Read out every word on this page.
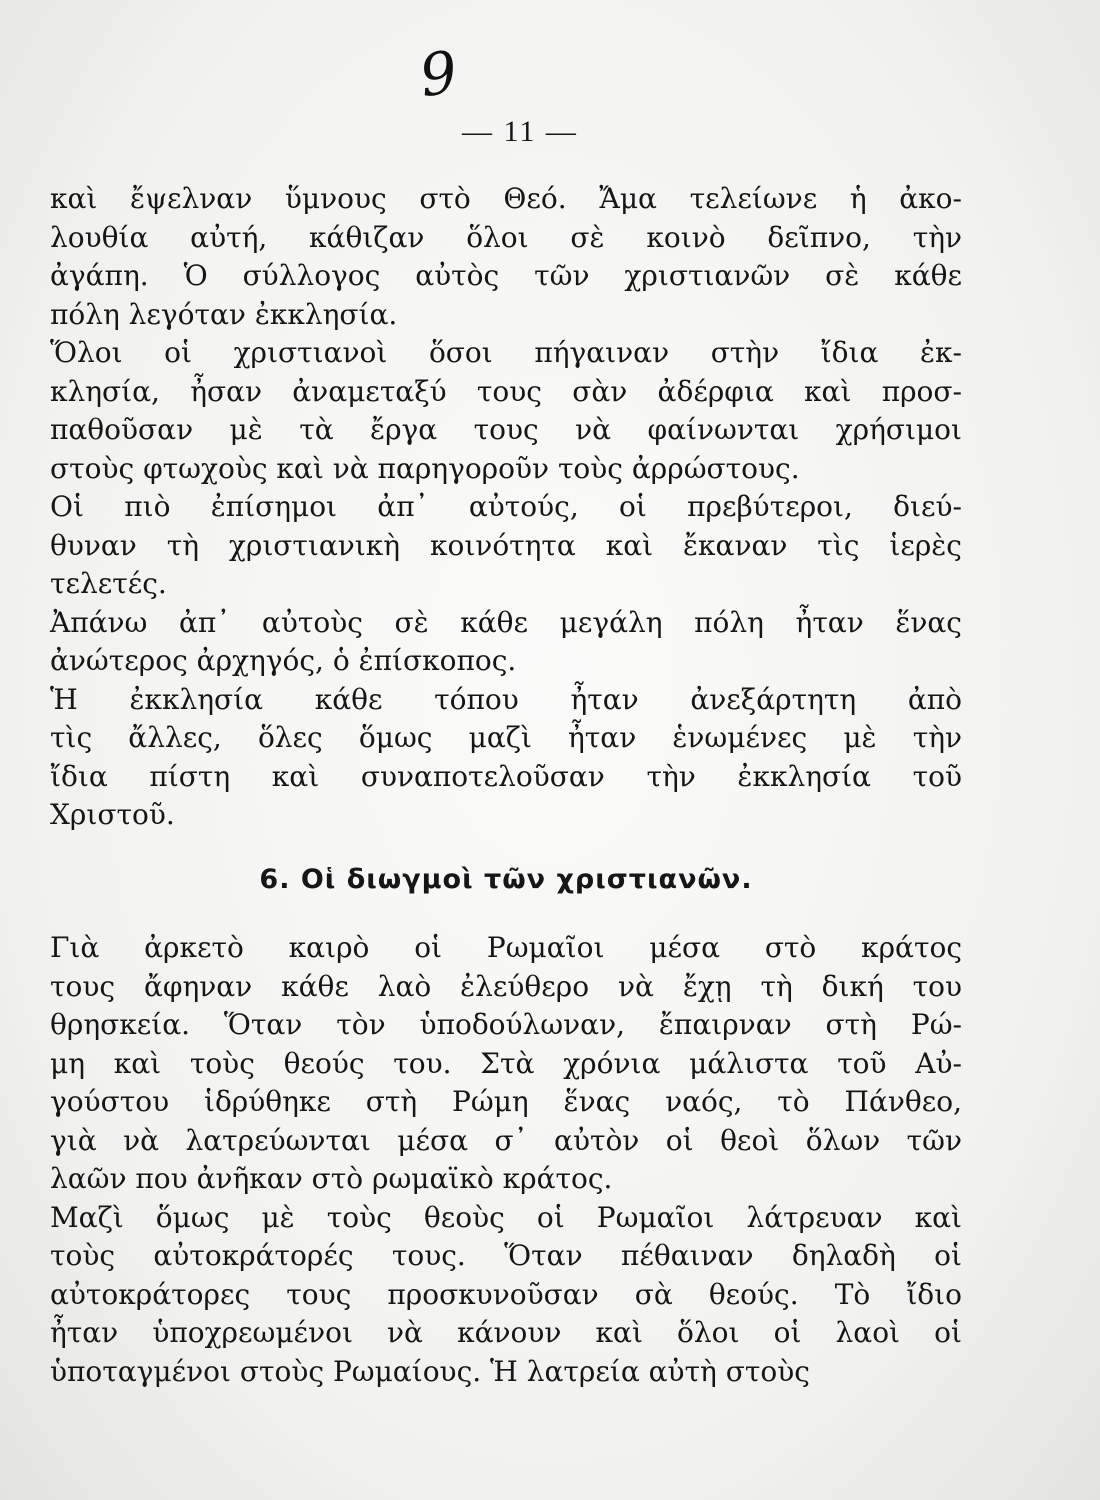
9
— 11 —
καὶ ἔψελναν ὕμνους στὸ Θεό. Ἄμα τελείωνε ἡ ἀκο-
λουθία αὐτή, κάθιζαν ὅλοι σὲ κοινὸ δεῖπνο, τὴν
ἀγάπη. Ὁ σύλλογος αὐτὸς τῶν χριστιανῶν σὲ κάθε
πόλη λεγόταν ἐκκλησία.
Ὅλοι οἱ χριστιανοὶ ὅσοι πήγαιναν στὴν ἴδια ἐκ-
κλησία, ἦσαν ἀναμεταξύ τους σὰν ἀδέρφια καὶ προσ-
παθοῦσαν μὲ τὰ ἔργα τους νὰ φαίνωνται χρήσιμοι
στοὺς φτωχοὺς καὶ νὰ παρηγοροῦν τοὺς ἀρρώστους.
Οἱ πιὸ ἐπίσημοι ἀπ᾽ αὐτούς, οἱ πρεβύτεροι, διεύ-
θυναν τὴ χριστιανικὴ κοινότητα καὶ ἔκαναν τὶς ἱερὲς
τελετές.
Ἀπάνω ἀπ᾽ αὐτοὺς σὲ κάθε μεγάλη πόλη ἦταν ἕνας
ἀνώτερος ἀρχηγός, ὁ ἐπίσκοπος.
Ἡ ἐκκλησία κάθε τόπου ἦταν ἀνεξάρτητη ἀπὸ
τὶς ἄλλες, ὅλες ὅμως μαζὶ ἦταν ἑνωμένες μὲ τὴν
ἴδια πίστη καὶ συναποτελοῦσαν τὴν ἐκκλησία τοῦ
Χριστοῦ.
6. Οἱ διωγμοὶ τῶν χριστιανῶν.
Γιὰ ἀρκετὸ καιρὸ οἱ Ρωμαῖοι μέσα στὸ κράτος
τους ἄφηναν κάθε λαὸ ἐλεύθερο νὰ ἔχῃ τὴ δική του
θρησκεία. Ὅταν τὸν ὑποδούλωναν, ἔπαιρναν στὴ Ρώ-
μη καὶ τοὺς θεούς του. Στὰ χρόνια μάλιστα τοῦ Αὐ-
γούστου ἱδρύθηκε στὴ Ρώμη ἕνας ναός, τὸ Πάνθεο,
γιὰ νὰ λατρεύωνται μέσα σ᾽ αὐτὸν οἱ θεοὶ ὅλων τῶν
λαῶν που ἀνῆκαν στὸ ρωμαϊκὸ κράτος.
Μαζὶ ὅμως μὲ τοὺς θεοὺς οἱ Ρωμαῖοι λάτρευαν καὶ
τοὺς αὐτοκράτορές τους. Ὅταν πέθαιναν δηλαδὴ οἱ
αὐτοκράτορες τους προσκυνοῦσαν σὰ θεούς. Τὸ ἴδιο
ἦταν ὑποχρεωμένοι νὰ κάνουν καὶ ὅλοι οἱ λαοὶ οἱ
ὑποταγμένοι στοὺς Ρωμαίους. Ἡ λατρεία αὐτὴ στοὺς
